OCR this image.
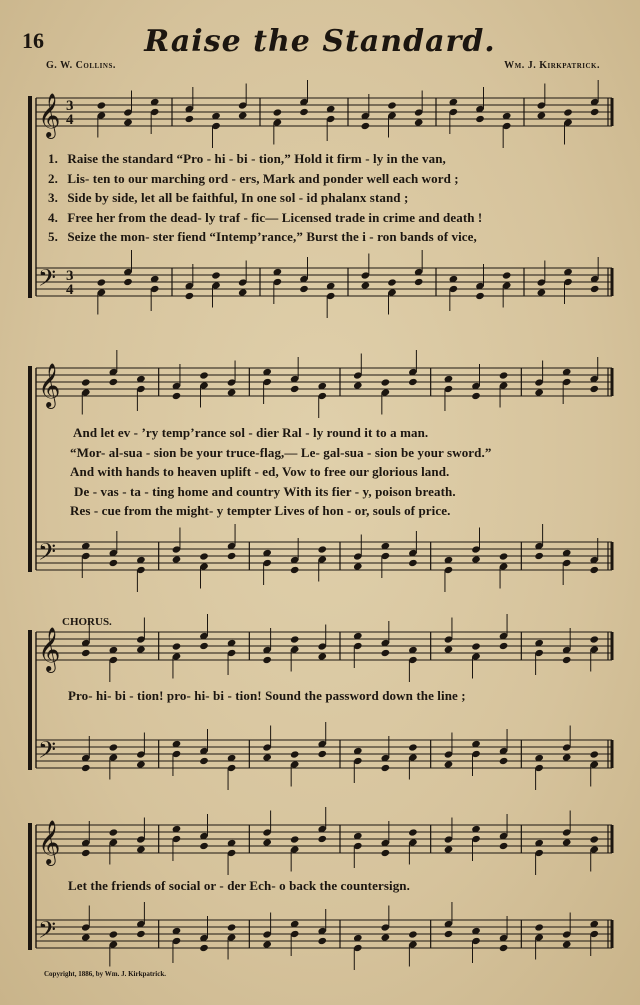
16	Raise the Standard.
G. W. Collins.	Wm. J. Kirkpatrick.
𝄞
𝄢
3
3
4
4
𝄞
𝄢
𝄞
𝄢
𝄞
𝄢
1. Raise the standard “Pro - hi - bi - tion,” Hold it firm - ly in the van,
2. Lis- ten to our marching ord - ers, Mark and ponder well each word ;
3. Side by side, let all be faithful, In one sol - id phalanx stand ;
4. Free her from the dead- ly traf - fic— Licensed trade in crime and death !
5. Seize the mon- ster fiend “Intemp’rance,” Burst the i - ron bands of vice,
And let ev - ’ry temp’rance sol - dier Ral - ly round it to a man.
“Mor- al-sua - sion be your truce-flag,— Le- gal-sua - sion be your sword.”
And with hands to heaven uplift - ed, Vow to free our glorious land.
De - vas - ta - ting home and country With its fier - y, poison breath.
Res - cue from the might- y tempter Lives of hon - or, souls of price.
CHORUS.
Pro- hi- bi - tion! pro- hi- bi - tion! Sound the password down the line ;
Let the friends of social or - der Ech- o back the countersign.
Copyright, 1886, by Wm. J. Kirkpatrick.
